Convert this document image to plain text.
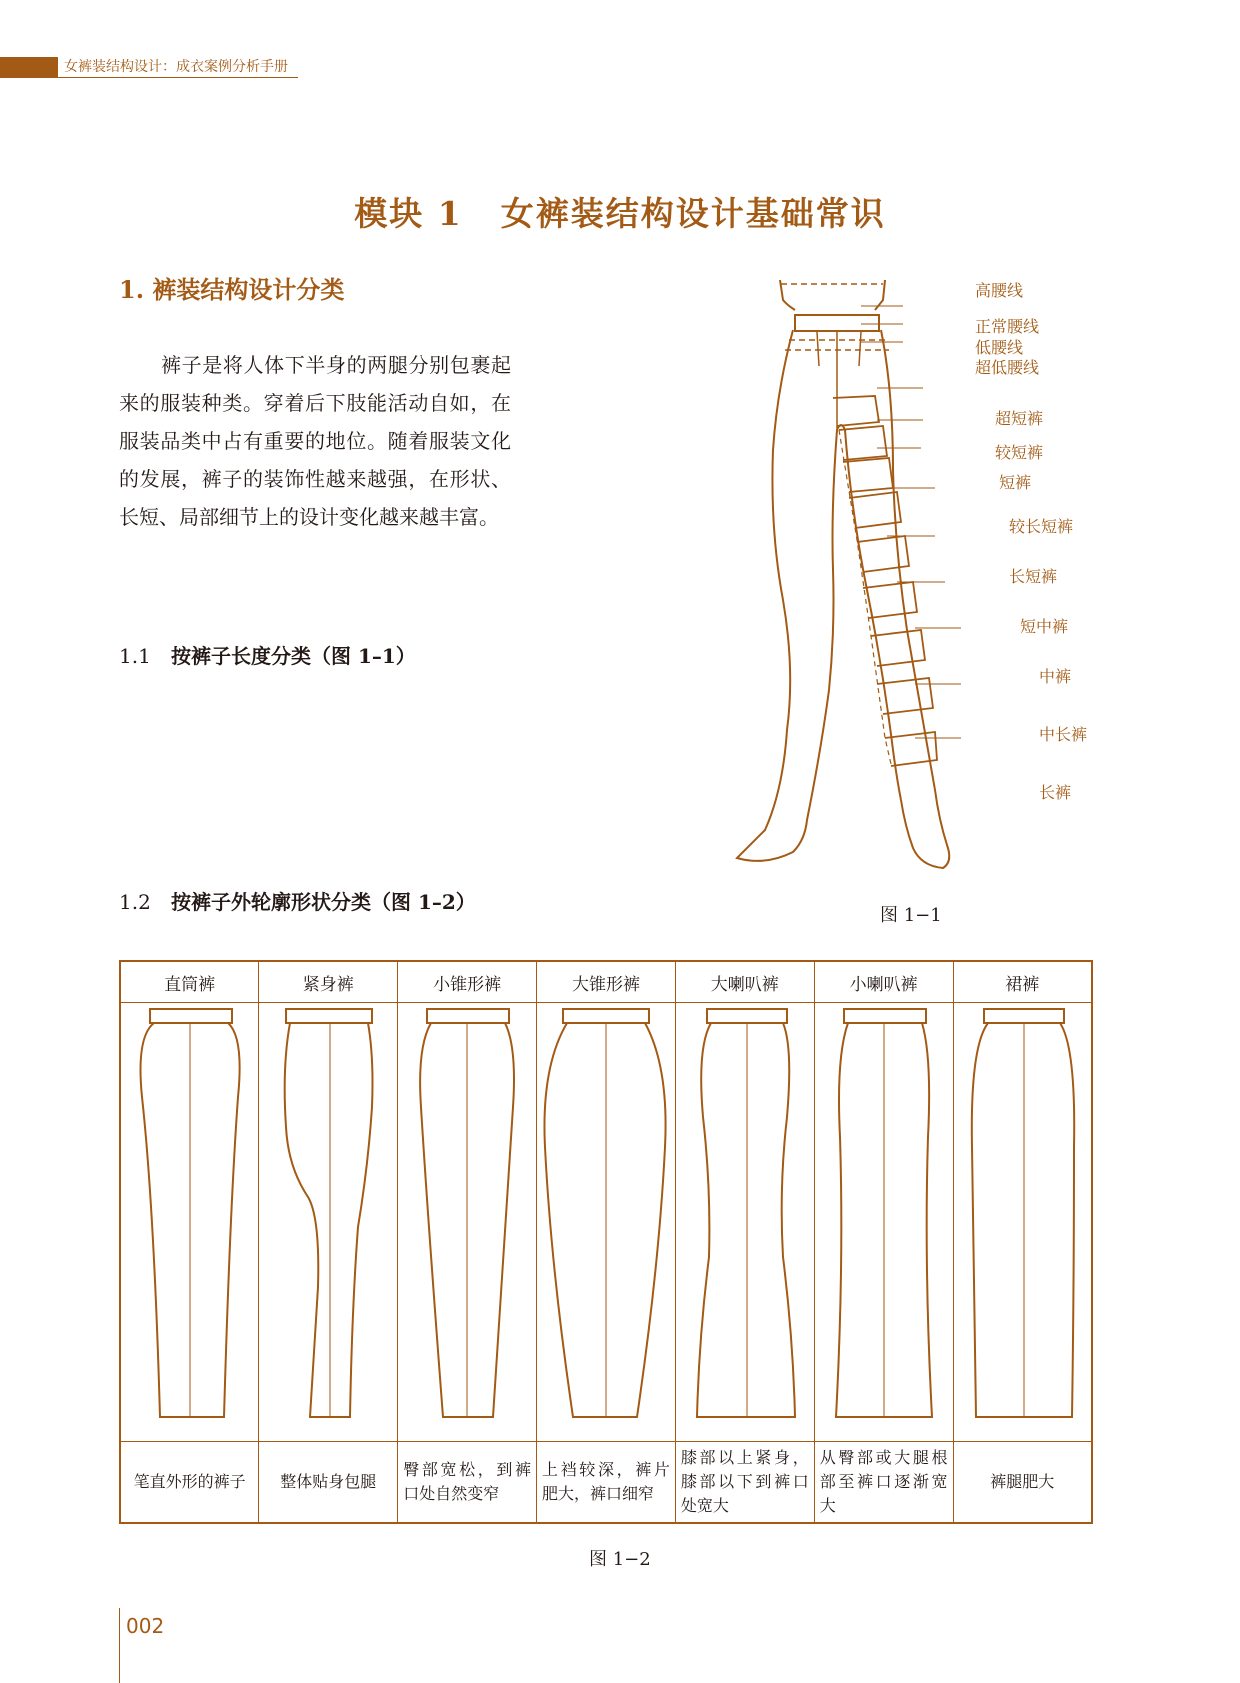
女裤装结构设计：成衣案例分析手册
模块 1 女裤装结构设计基础常识
1. 裤装结构设计分类

裤子是将人体下半身的两腿分别包裹起来的服装种类。穿着后下肢能活动自如，在服装品类中占有重要的地位。随着服装文化的发展，裤子的装饰性越来越强，在形状、长短、局部细节上的设计变化越来越丰富。

1.1 按裤子长度分类（图 1–1）
1.2 按裤子外轮廓形状分类（图 1–2）
高腰线
正常腰线
低腰线
超低腰线
超短裤
较短裤
短裤
较长短裤
长短裤
短中裤
中裤
中长裤
长裤
图 1−1
直筒裤	紧身裤	小锥形裤	大锥形裤	大喇叭裤	小喇叭裤	裙裤

笔直外形的裤子	整体贴身包腿	臀部宽松，到裤口处自然变窄	上裆较深，裤片肥大，裤口细窄	膝部以上紧身，膝部以下到裤口处宽大	从臀部或大腿根部至裤口逐渐宽大	裤腿肥大
图 1−2
002
